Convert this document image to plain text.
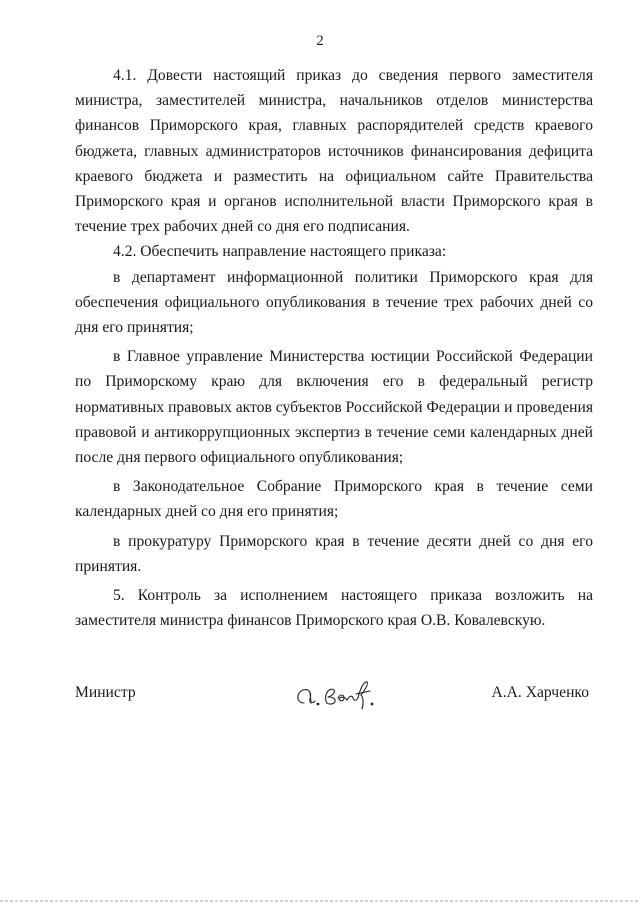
2

4.1. Довести настоящий приказ до сведения первого заместителя министра, заместителей министра, начальников отделов министерства финансов Приморского края, главных распорядителей средств краевого бюджета, главных администраторов источников финансирования дефицита краевого бюджета и разместить на официальном сайте Правительства Приморского края и органов исполнительной власти Приморского края в течение трех рабочих дней со дня его подписания.

4.2. Обеспечить направление настоящего приказа:

в департамент информационной политики Приморского края для обеспечения официального опубликования в течение трех рабочих дней со дня его принятия;

в Главное управление Министерства юстиции Российской Федерации по Приморскому краю для включения его в федеральный регистр нормативных правовых актов субъектов Российской Федерации и проведения правовой и антикоррупционных экспертиз в течение семи календарных дней после дня первого официального опубликования;

в Законодательное Собрание Приморского края в течение семи календарных дней со дня его принятия;

в прокуратуру Приморского края в течение десяти дней со дня его принятия.

5. Контроль за исполнением настоящего приказа возложить на заместителя министра финансов Приморского края О.В. Ковалевскую.

Министр	А.А. Харченко
